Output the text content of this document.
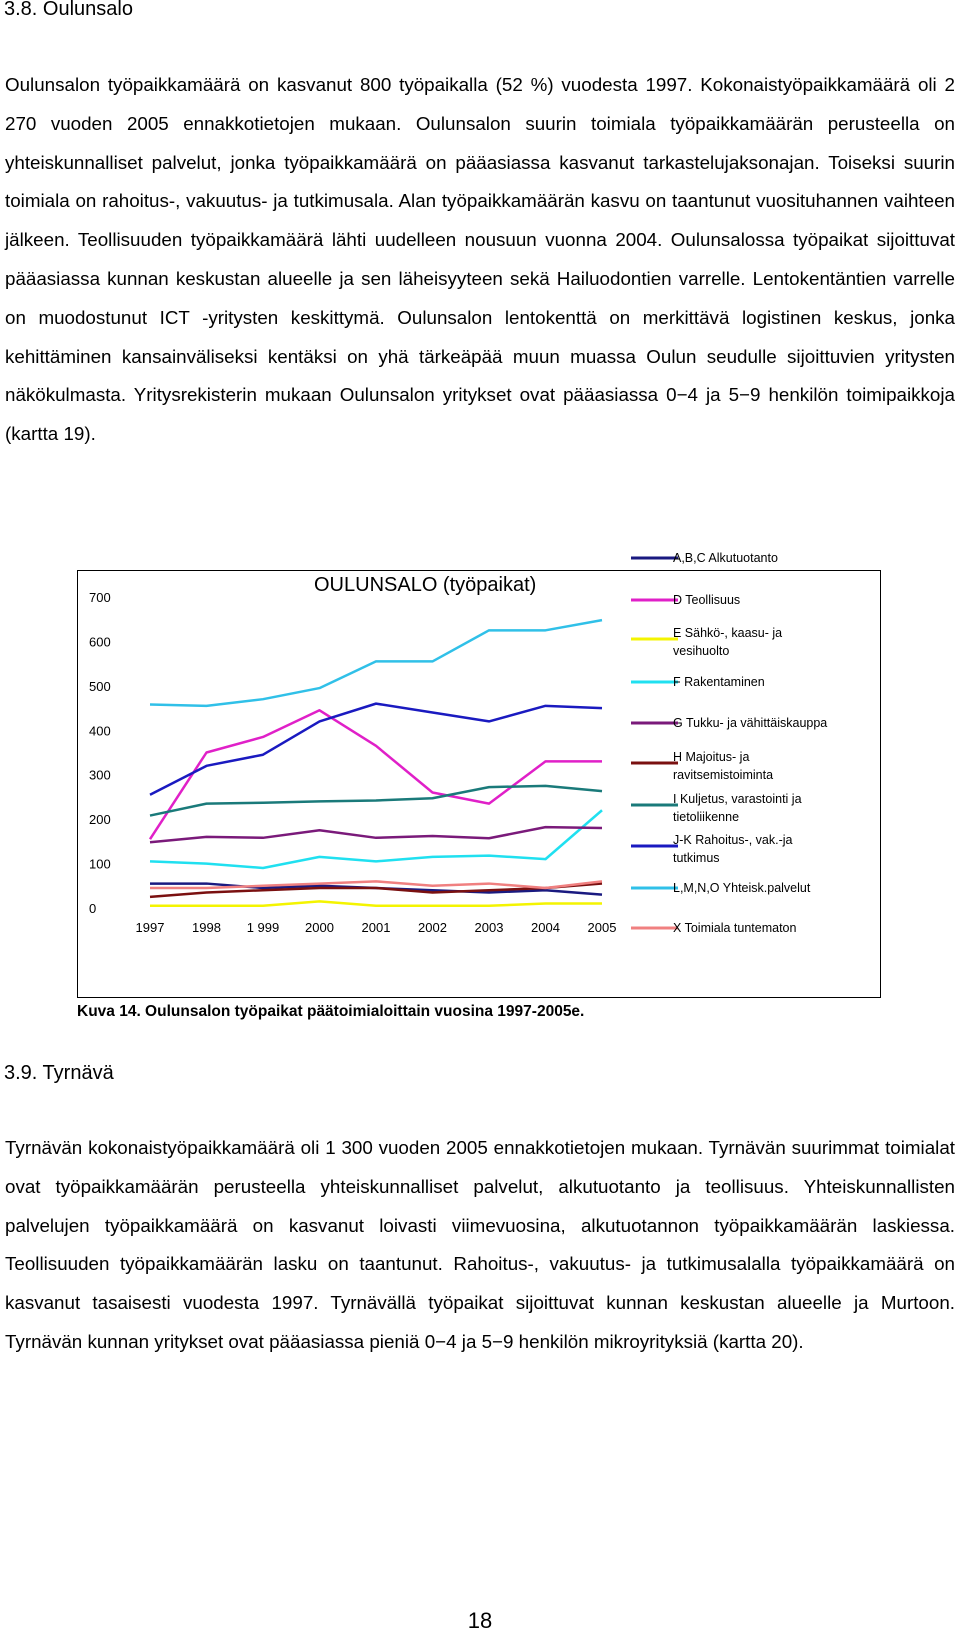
3.8. Oulunsalo

Oulunsalon työpaikkamäärä on kasvanut 800 työpaikalla (52 %) vuodesta 1997. Kokonaistyöpaikkamäärä oli 2 270 vuoden 2005 ennakkotietojen mukaan. Oulunsalon suurin toimiala työpaikkamäärän perusteella on yhteiskunnalliset palvelut, jonka työpaikkamäärä on pääasiassa kasvanut tarkastelujaksonajan. Toiseksi suurin toimiala on rahoitus-, vakuutus- ja tutkimusala. Alan työpaikkamäärän kasvu on taantunut vuosituhannen vaihteen jälkeen. Teollisuuden työpaikkamäärä lähti uudelleen nousuun vuonna 2004. Oulunsalossa työpaikat sijoittuvat pääasiassa kunnan keskustan alueelle ja sen läheisyyteen sekä Hailuodontien varrelle. Lentokentäntien varrelle on muodostunut ICT -yritysten keskittymä. Oulunsalon lentokenttä on merkittävä logistinen keskus, jonka kehittäminen kansainväliseksi kentäksi on yhä tärkeäpää muun muassa Oulun seudulle sijoittuvien yritysten näkökulmasta. Yritysrekisterin mukaan Oulunsalon yritykset ovat pääasiassa 0−4 ja 5−9 henkilön toimipaikkoja (kartta 19).

OULUNSALO (työpaikat)
0
100
200
300
400
500
600
700
1997 1998 1 999 2000 2001 2002 2003 2004 2005
A,B,C Alkutuotanto
D Teollisuus
E Sähkö-, kaasu- ja vesihuolto
F Rakentaminen
G Tukku- ja vähittäiskauppa
H Majoitus- ja ravitsemistoiminta
I Kuljetus, varastointi ja tietoliikenne
J-K Rahoitus-, vak.-ja tutkimus
L,M,N,O Yhteisk.palvelut
X Toimiala tuntematon

Kuva 14. Oulunsalon työpaikat päätoimialoittain vuosina 1997-2005e.

3.9. Tyrnävä

Tyrnävän kokonaistyöpaikkamäärä oli 1 300 vuoden 2005 ennakkotietojen mukaan. Tyrnävän suurimmat toimialat ovat työpaikkamäärän perusteella yhteiskunnalliset palvelut, alkutuotanto ja teollisuus. Yhteiskunnallisten palvelujen työpaikkamäärä on kasvanut loivasti viimevuosina, alkutuotannon työpaikkamäärän laskiessa. Teollisuuden työpaikkamäärän lasku on taantunut. Rahoitus-, vakuutus- ja tutkimusalalla työpaikkamäärä on kasvanut tasaisesti vuodesta 1997. Tyrnävällä työpaikat sijoittuvat kunnan keskustan alueelle ja Murtoon. Tyrnävän kunnan yritykset ovat pääasiassa pieniä 0−4 ja 5−9 henkilön mikroyrityksiä (kartta 20).

18
